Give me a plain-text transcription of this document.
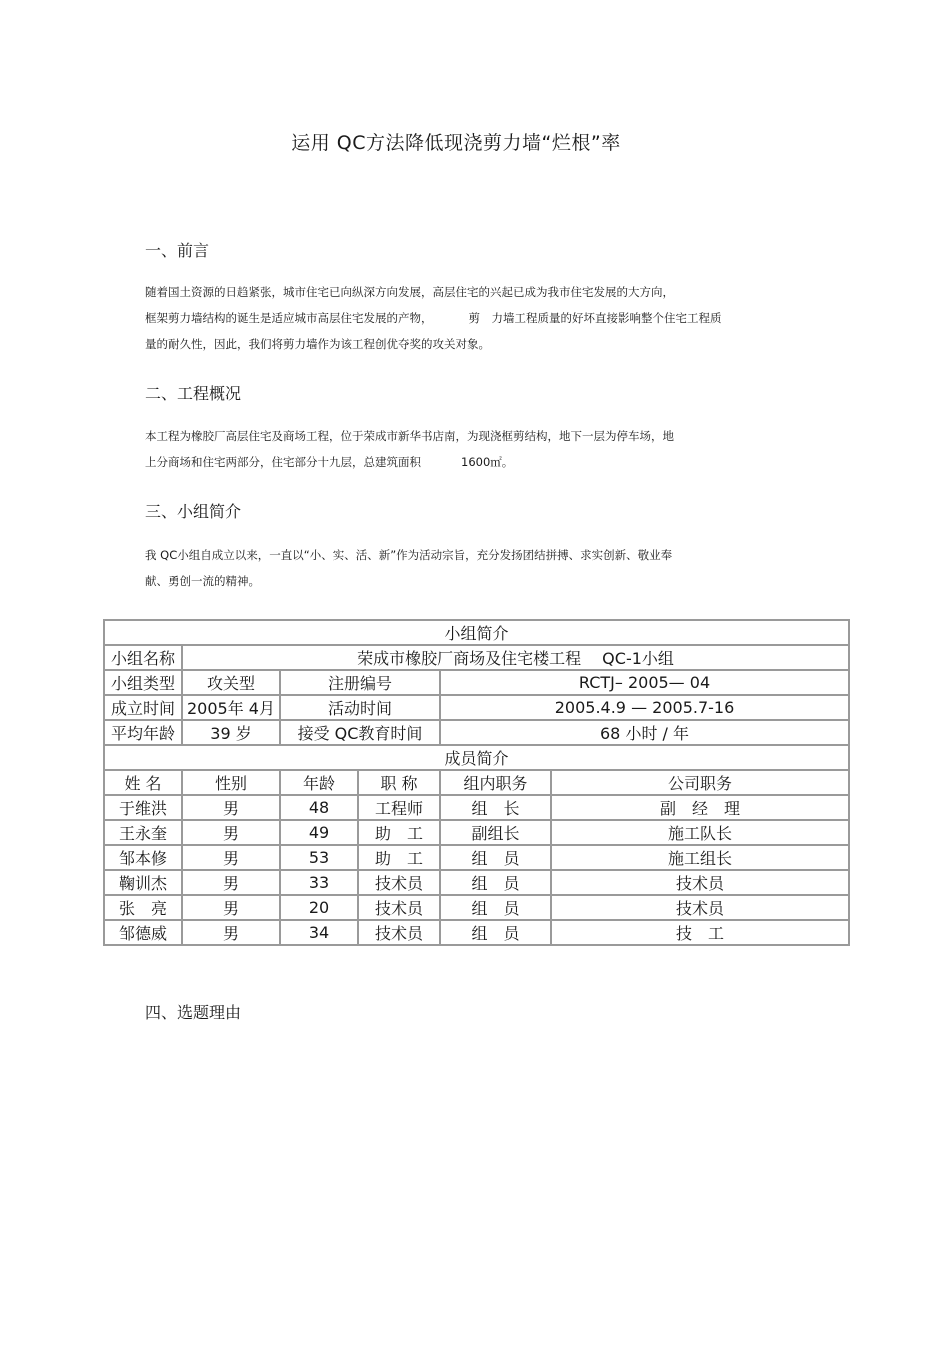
运用 QC方法降低现浇剪力墙“烂根”率
一、前言
随着国土资源的日趋紧张，城市住宅已向纵深方向发展，高层住宅的兴起已成为我市住宅发展的大方向，
框架剪力墙结构的诞生是适应城市高层住宅发展的产物，	剪　力墙工程质量的好坏直接影响整个住宅工程质
量的耐久性，因此，我们将剪力墙作为该工程创优夺奖的攻关对象。
二、工程概况
本工程为橡胶厂高层住宅及商场工程，位于荣成市新华书店南，为现浇框剪结构，地下一层为停车场，地
上分商场和住宅两部分，住宅部分十九层，总建筑面积	1600㎡。
三、小组简介
我 QC小组自成立以来，一直以“小、实、活、新”作为活动宗旨，充分发扬团结拼搏、求实创新、敬业奉
献、勇创一流的精神。
小组简介					
小组名称	荣成市橡胶厂商场及住宅楼工程　 QC-1小组				
小组类型	攻关型	注册编号		RCTJ– 2005— 04	
成立时间	2005年 4月	活动时间		2005.4.9 — 2005.7-16	
平均年龄	39 岁	接受 QC教育时间		68 小时 / 年	
成员简介					
姓 名	性别	年龄	职 称	组内职务	公司职务
于维洪	男	48	工程师	组　长	副　经　理
王永奎	男	49	助　工	副组长	施工队长
邹本修	男	53	助　工	组　员	施工组长
鞠训杰	男	33	技术员	组　员	技术员
张　亮	男	20	技术员	组　员	技术员
邹德威	男	34	技术员	组　员	技　工
四、选题理由
